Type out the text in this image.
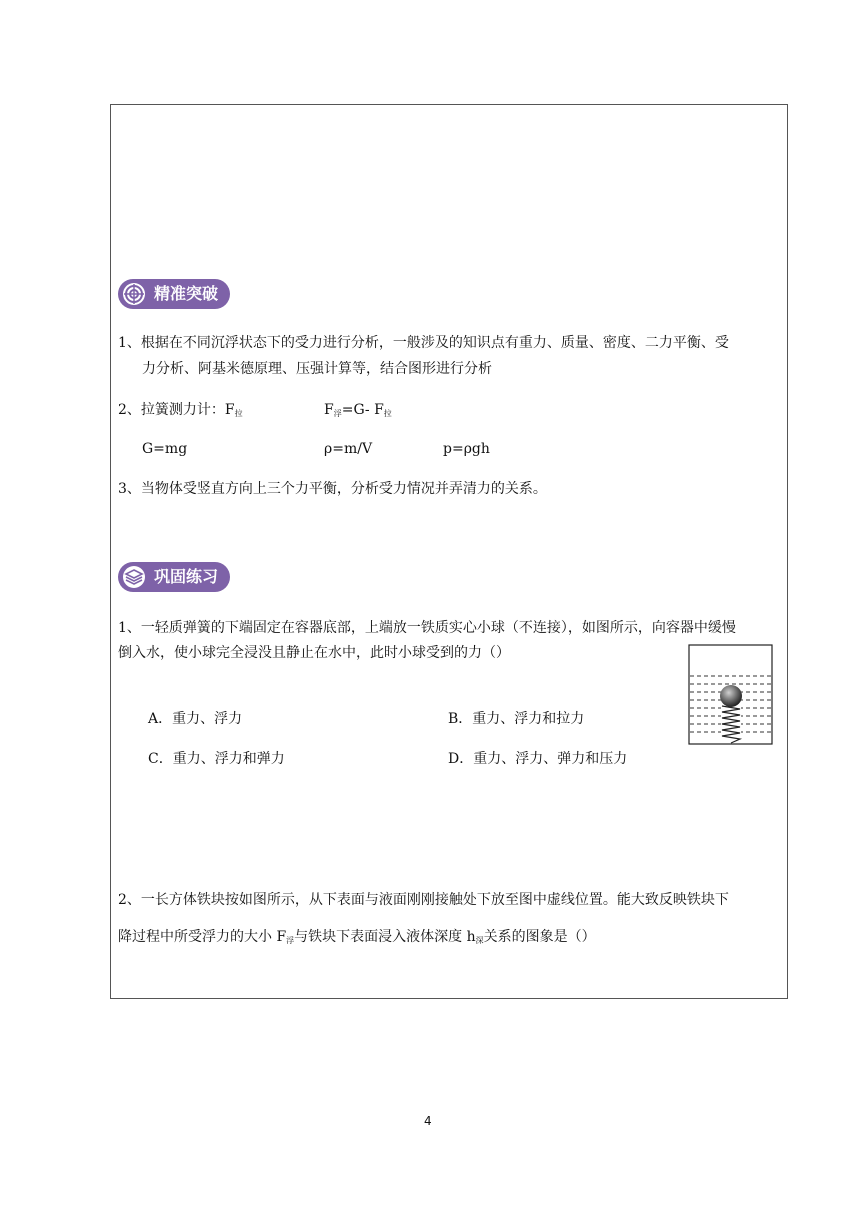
精准突破
1、根据在不同沉浮状态下的受力进行分析，一般涉及的知识点有重力、质量、密度、二力平衡、受
力分析、阿基米德原理、压强计算等，结合图形进行分析
2、拉簧测力计：$F_拉$	$F_浮=G-$ $F_拉$
G=mg	ρ=m/V	p=ρgh
3、当物体受竖直方向上三个力平衡，分析受力情况并弄清力的关系。
巩固练习
1、一轻质弹簧的下端固定在容器底部，上端放一铁质实心小球（不连接），如图所示，向容器中缓慢
倒入水，使小球完全浸没且静止在水中，此时小球受到的力（）
A．重力、浮力	B．重力、浮力和拉力
C．重力、浮力和弹力	D．重力、浮力、弹力和压力
2、一长方体铁块按如图所示，从下表面与液面刚刚接触处下放至图中虚线位置。能大致反映铁块下
降过程中所受浮力的大小 $F_浮$与铁块下表面浸入液体深度 $h_深$关系的图象是（）
4
